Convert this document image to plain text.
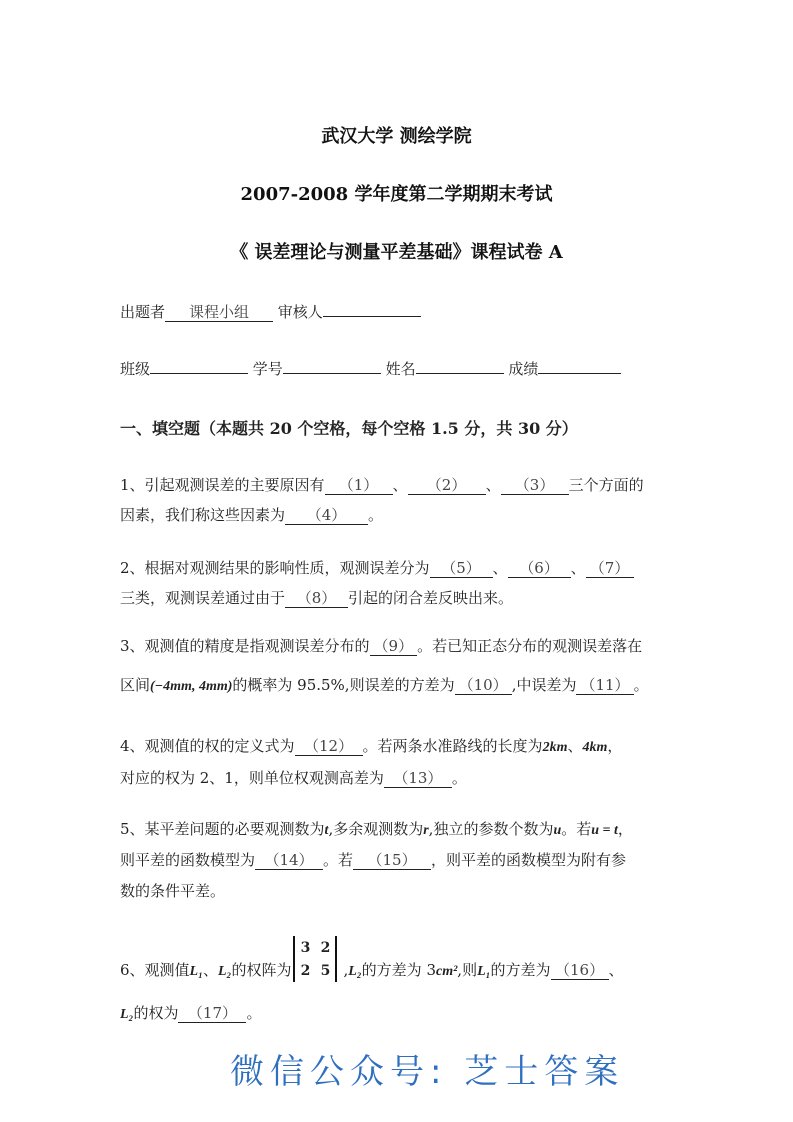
武汉大学 测绘学院
2007-2008 学年度第二学期期末考试
《 误差理论与测量平差基础》课程试卷 A
出题者 课程小组 审核人
班级	学号	姓名	成绩
一、填空题（本题共 20 个空格，每个空格 1.5 分，共 30 分）
1、引起观测误差的主要原因有 （1） 、 （2） 、 （3） 三个方面的
因素，我们称这些因素为 （4） 。
2、根据对观测结果的影响性质，观测误差分为 （5） 、 （6） 、 （7）
三类，观测误差通过由于 （8） 引起的闭合差反映出来。
3、观测值的精度是指观测误差分布的 （9） 。若已知正态分布的观测误差落在
区间(−4mm, 4mm)的概率为 95.5%,则误差的方差为 （10） ,中误差为 （11） 。
4、观测值的权的定义式为 （12） 。若两条水准路线的长度为2km、4km，
对应的权为 2、1，则单位权观测高差为 （13） 。
5、某平差问题的必要观测数为t,多余观测数为r,独立的参数个数为u。若u = t，
则平差的函数模型为 （14） 。若 （15） ，则平差的函数模型为附有参
数的条件平差。
6、观测值L₁、L₂的权阵为
3 2
2 5 ,L₂的方差为 3cm²,则L₁的方差为 （16） 、
L₂的权为 （17） 。
微信公众号: 芝士答案
